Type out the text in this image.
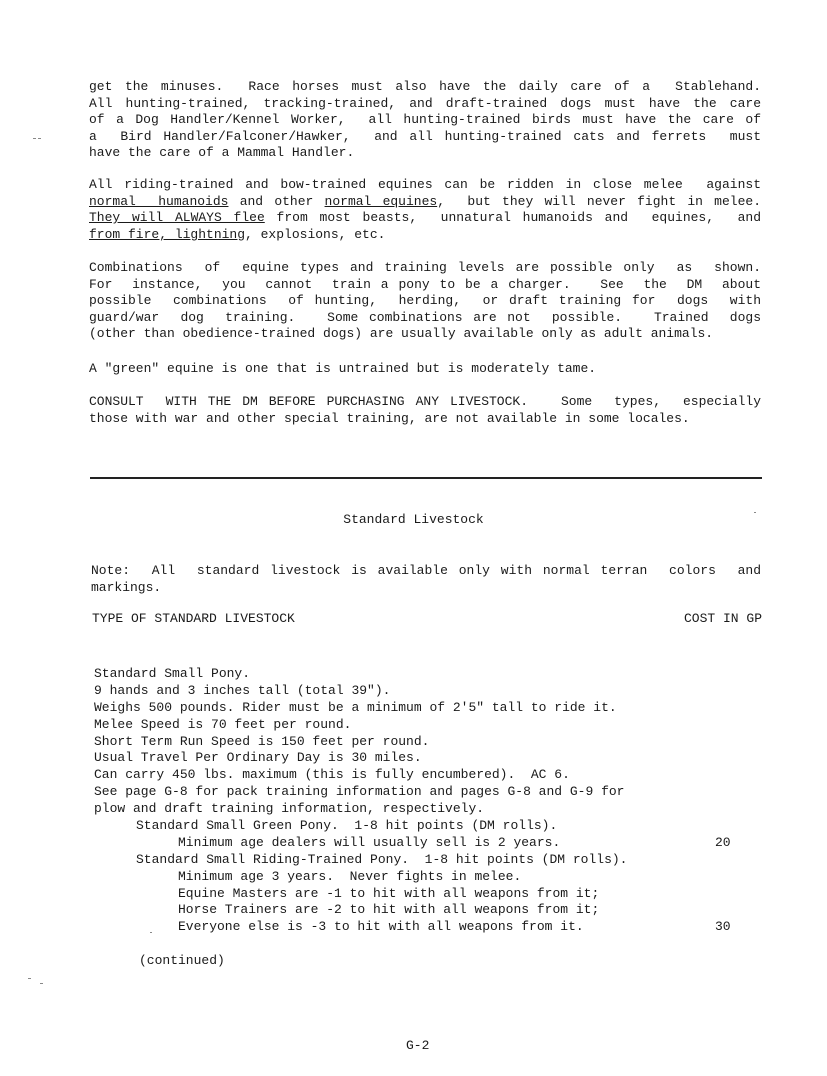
get the minuses.  Race horses must also have the daily care of a  Stablehand.
All hunting-trained, tracking-trained, and draft-trained dogs must have the care
of a Dog Handler/Kennel Worker,  all hunting-trained birds must have the care of
a  Bird Handler/Falconer/Hawker,  and all hunting-trained cats and ferrets  must
have the care of a Mammal Handler.
All riding-trained and bow-trained equines can be ridden in close melee  against
normal  humanoids and other normal equines,  but they will never fight in melee.
They will ALWAYS flee from most beasts,  unnatural humanoids and  equines,  and
from fire, lightning, explosions, etc.
Combinations  of  equine types and training levels are possible only  as  shown.
For  instance,  you  cannot  train a pony to be a charger.   See  the  DM  about
possible  combinations  of hunting,  herding,  or draft training for  dogs  with
guard/war  dog  training.   Some combinations are not  possible.   Trained  dogs
(other than obedience-trained dogs) are usually available only as adult animals.
A "green" equine is one that is untrained but is moderately tame.
CONSULT  WITH THE DM BEFORE PURCHASING ANY LIVESTOCK.   Some  types,  especially
those with war and other special training, are not available in some locales.
Standard Livestock
Note:  All  standard livestock is available only with normal terran  colors  and
markings.
TYPE OF STANDARD LIVESTOCK	COST IN GP
Standard Small Pony.
9 hands and 3 inches tall (total 39").
Weighs 500 pounds. Rider must be a minimum of 2'5" tall to ride it.
Melee Speed is 70 feet per round.
Short Term Run Speed is 150 feet per round.
Usual Travel Per Ordinary Day is 30 miles.
Can carry 450 lbs. maximum (this is fully encumbered).  AC 6.
See page G-8 for pack training information and pages G-8 and G-9 for
plow and draft training information, respectively.
Standard Small Green Pony.  1-8 hit points (DM rolls).
Minimum age dealers will usually sell is 2 years.	20
Standard Small Riding-Trained Pony.  1-8 hit points (DM rolls).
Minimum age 3 years.  Never fights in melee.
Equine Masters are -1 to hit with all weapons from it;
Horse Trainers are -2 to hit with all weapons from it;
Everyone else is -3 to hit with all weapons from it.	30
(continued)
G-2
